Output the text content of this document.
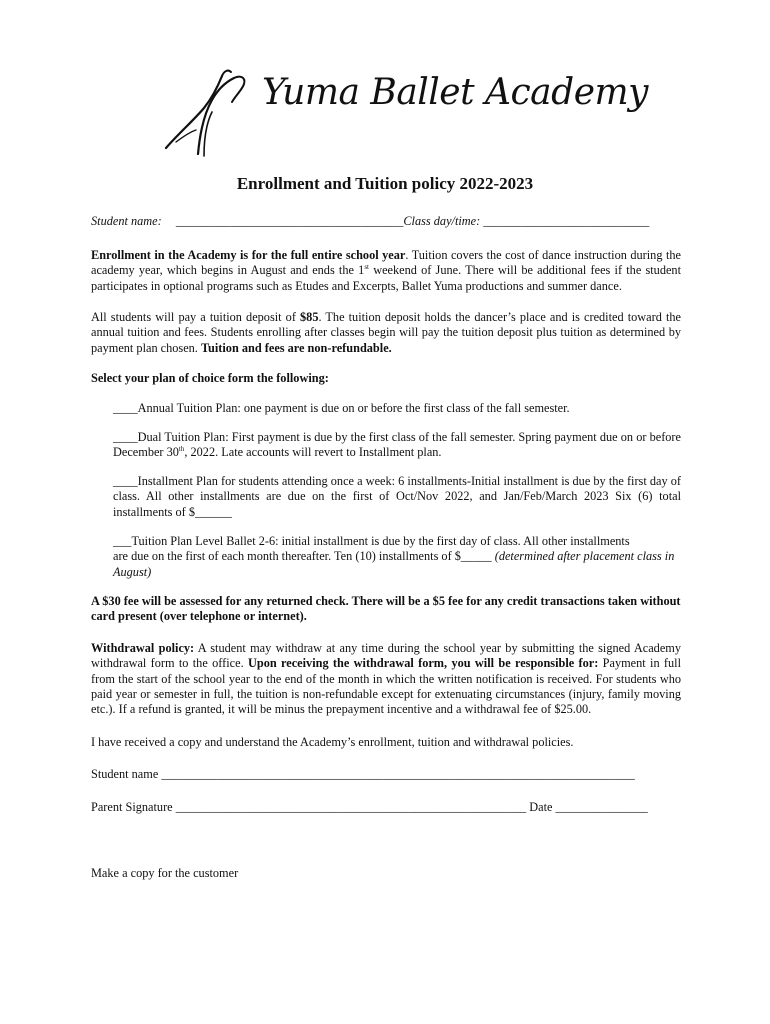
Yuma Ballet Academy
Enrollment and Tuition policy 2022-2023
Student name: _____________________________________Class day/time: ___________________________
Enrollment in the Academy is for the full entire school year. Tuition covers the cost of dance instruction during the academy year, which begins in August and ends the 1st weekend of June. There will be additional fees if the student participates in optional programs such as Etudes and Excerpts, Ballet Yuma productions and summer dance.
All students will pay a tuition deposit of $85. The tuition deposit holds the dancer’s place and is credited toward the annual tuition and fees. Students enrolling after classes begin will pay the tuition deposit plus tuition as determined by payment plan chosen. Tuition and fees are non-refundable.
Select your plan of choice form the following:
____Annual Tuition Plan: one payment is due on or before the first class of the fall semester.
____Dual Tuition Plan: First payment is due by the first class of the fall semester. Spring payment due on or before December 30th, 2022. Late accounts will revert to Installment plan.
____Installment Plan for students attending once a week: 6 installments-Initial installment is due by the first day of class. All other installments are due on the first of Oct/Nov 2022, and Jan/Feb/March 2023 Six (6) total installments of $______
___Tuition Plan Level Ballet 2-6: initial installment is due by the first day of class. All other installments
are due on the first of each month thereafter. Ten (10) installments of $_____ (determined after placement class in August)
A $30 fee will be assessed for any returned check. There will be a $5 fee for any credit transactions taken without card present (over telephone or internet).
Withdrawal policy: A student may withdraw at any time during the school year by submitting the signed Academy withdrawal form to the office. Upon receiving the withdrawal form, you will be responsible for: Payment in full from the start of the school year to the end of the month in which the written notification is received. For students who paid year or semester in full, the tuition is non-refundable except for extenuating circumstances (injury, family moving etc.). If a refund is granted, it will be minus the prepayment incentive and a withdrawal fee of $25.00.
I have received a copy and understand the Academy’s enrollment, tuition and withdrawal policies.
Student name _____________________________________________________________________________
Parent Signature _________________________________________________________ Date _______________
Make a copy for the customer
